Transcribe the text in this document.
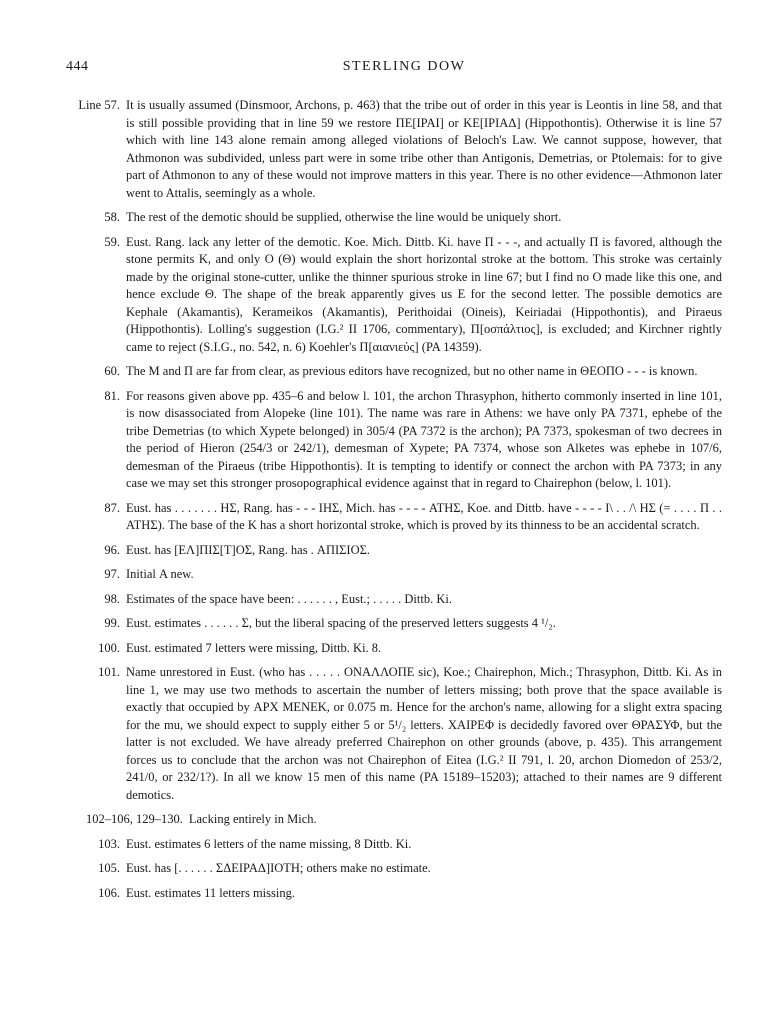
444	STERLING DOW
Line 57. It is usually assumed (Dinsmoor, Archons, p. 463) that the tribe out of order in this year is Leontis in line 58, and that is still possible providing that in line 59 we restore ΠΕ[ΙΡΑΙ] or ΚΕ[ΙΡΙΑΔ] (Hippothontis). Otherwise it is line 57 which with line 143 alone remain among alleged violations of Beloch's Law. We cannot suppose, however, that Athmonon was subdivided, unless part were in some tribe other than Antigonis, Demetrias, or Ptolemais: for to give part of Athmonon to any of these would not improve matters in this year. There is no other evidence—Athmonon later went to Attalis, seemingly as a whole.
58. The rest of the demotic should be supplied, otherwise the line would be uniquely short.
59. Eust. Rang. lack any letter of the demotic. Koe. Mich. Dittb. Ki. have Π - - -, and actually Π is favored, although the stone permits Κ, and only Ο (Θ) would explain the short horizontal stroke at the bottom. This stroke was certainly made by the original stone-cutter, unlike the thinner spurious stroke in line 67; but I find no Ο made like this one, and hence exclude Θ. The shape of the break apparently gives us Ε for the second letter. The possible demotics are Kephale (Akamantis), Kerameikos (Akamantis), Perithoidai (Oineis), Keiriadai (Hippothontis), and Piraeus (Hippothontis). Lolling's suggestion (I.G.² II 1706, commentary), Π[οσπάλτιος], is excluded; and Kirchner rightly came to reject (S.I.G., no. 542, n. 6) Koehler's Π[αιανιεύς] (PA 14359).
60. The Μ and Π are far from clear, as previous editors have recognized, but no other name in ΘΕΟΠΟ - - - is known.
81. For reasons given above pp. 435–6 and below l. 101, the archon Thrasyphon, hitherto commonly inserted in line 101, is now disassociated from Alopeke (line 101). The name was rare in Athens: we have only PA 7371, ephebe of the tribe Demetrias (to which Xypete belonged) in 305/4 (PA 7372 is the archon); PA 7373, spokesman of two decrees in the period of Hieron (254/3 or 242/1), demesman of Xypete; PA 7374, whose son Alketes was ephebe in 107/6, demesman of the Piraeus (tribe Hippothontis). It is tempting to identify or connect the archon with PA 7373; in any case we may set this stronger prosopographical evidence against that in regard to Chairephon (below, l. 101).
87. Eust. has . . . . . . . ΗΣ, Rang. has - - - ΙΗΣ, Mich. has - - - - ΑΤΗΣ, Koe. and Dittb. have - - - - Ι\ . . /\ ΗΣ (= . . . . Π . . ΑΤΗΣ). The base of the Κ has a short horizontal stroke, which is proved by its thinness to be an accidental scratch.
96. Eust. has [ΕΛ]ΠΙΣ[Τ]ΟΣ, Rang. has . ΑΠΙΣΙΟΣ.
97. Initial Α new.
98. Estimates of the space have been: . . . . . . , Eust.; . . . . . Dittb. Ki.
99. Eust. estimates . . . . . . Σ, but the liberal spacing of the preserved letters suggests 4 ¹/₂.
100. Eust. estimated 7 letters were missing, Dittb. Ki. 8.
101. Name unrestored in Eust. (who has . . . . . ΟΝΑΛΛΟΠΕ sic), Koe.; Chairephon, Mich.; Thrasyphon, Dittb. Ki. As in line 1, we may use two methods to ascertain the number of letters missing; both prove that the space available is exactly that occupied by ΑΡΧ ΜΕΝΕΚ, or 0.075 m. Hence for the archon's name, allowing for a slight extra spacing for the mu, we should expect to supply either 5 or 5¹/₂ letters. ΧΑΙΡΕΦ is decidedly favored over ΘΡΑΣΥΦ, but the latter is not excluded. We have already preferred Chairephon on other grounds (above, p. 435). This arrangement forces us to conclude that the archon was not Chairephon of Eitea (I.G.² II 791, l. 20, archon Diomedon of 253/2, 241/0, or 232/1?). In all we know 15 men of this name (PA 15189–15203); attached to their names are 9 different demotics.
102–106, 129–130. Lacking entirely in Mich.
103. Eust. estimates 6 letters of the name missing, 8 Dittb. Ki.
105. Eust. has [. . . . . . ΣΔΕΙΡΑΔ]ΙΟΤΗ; others make no estimate.
106. Eust. estimates 11 letters missing.
